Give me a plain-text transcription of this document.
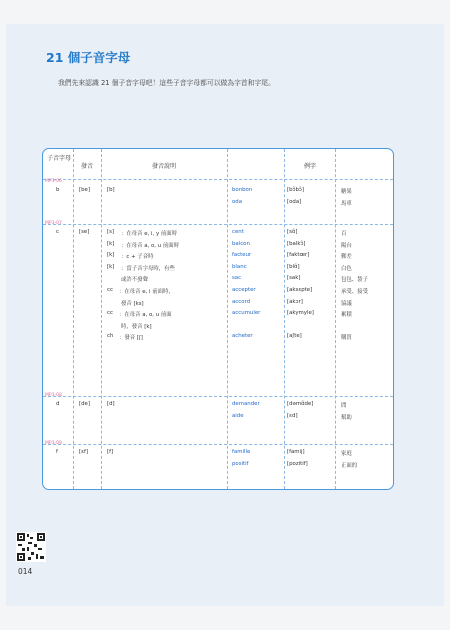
21 個子音字母
我們先來認識 21 個子音字母吧！這些子音字母都可以做為字首和字尾。
子音字母
發音	發音說明	例字
MP3-06
b	[be]	[b]	bonbon	[bɔ̃bɔ̃]	糖果
oda	[oda]	馬車
MP3-07
c	[se]	[s] ：在母音 e, i, y 前面時	cent	[sɑ̃]	百
[k] ：在母音 a, o, u 前面時	balcon	[balkɔ̃]	陽台
[k] ：c + 子音時	facteur	[faktœr]	郵差
[k] ：當子音字母時，有些	blanc	[blɑ̃]	白色
或許不發聲	sac	[sak]	包包、袋子
cc ：在母音 e, i 前面時，	accepter	[aksɛpte]	承受、接受
發音 [ks]	accord	[akɔr]	協議
cc ：在母音 a, o, u 前面	accumuler	[akymyle]	累積
時，發音 [k]
ch ：發音 [ʃ]	acheter	[aʃte]	購買
MP3-08
d	[de]	[d]	demander	[dəmɑ̃de]	問
aide	[ɛd]	幫助
MP3-09
f	[ɛf]	[f]	famille	[famij]	家庭
positif	[pozitif]	正面的
014
